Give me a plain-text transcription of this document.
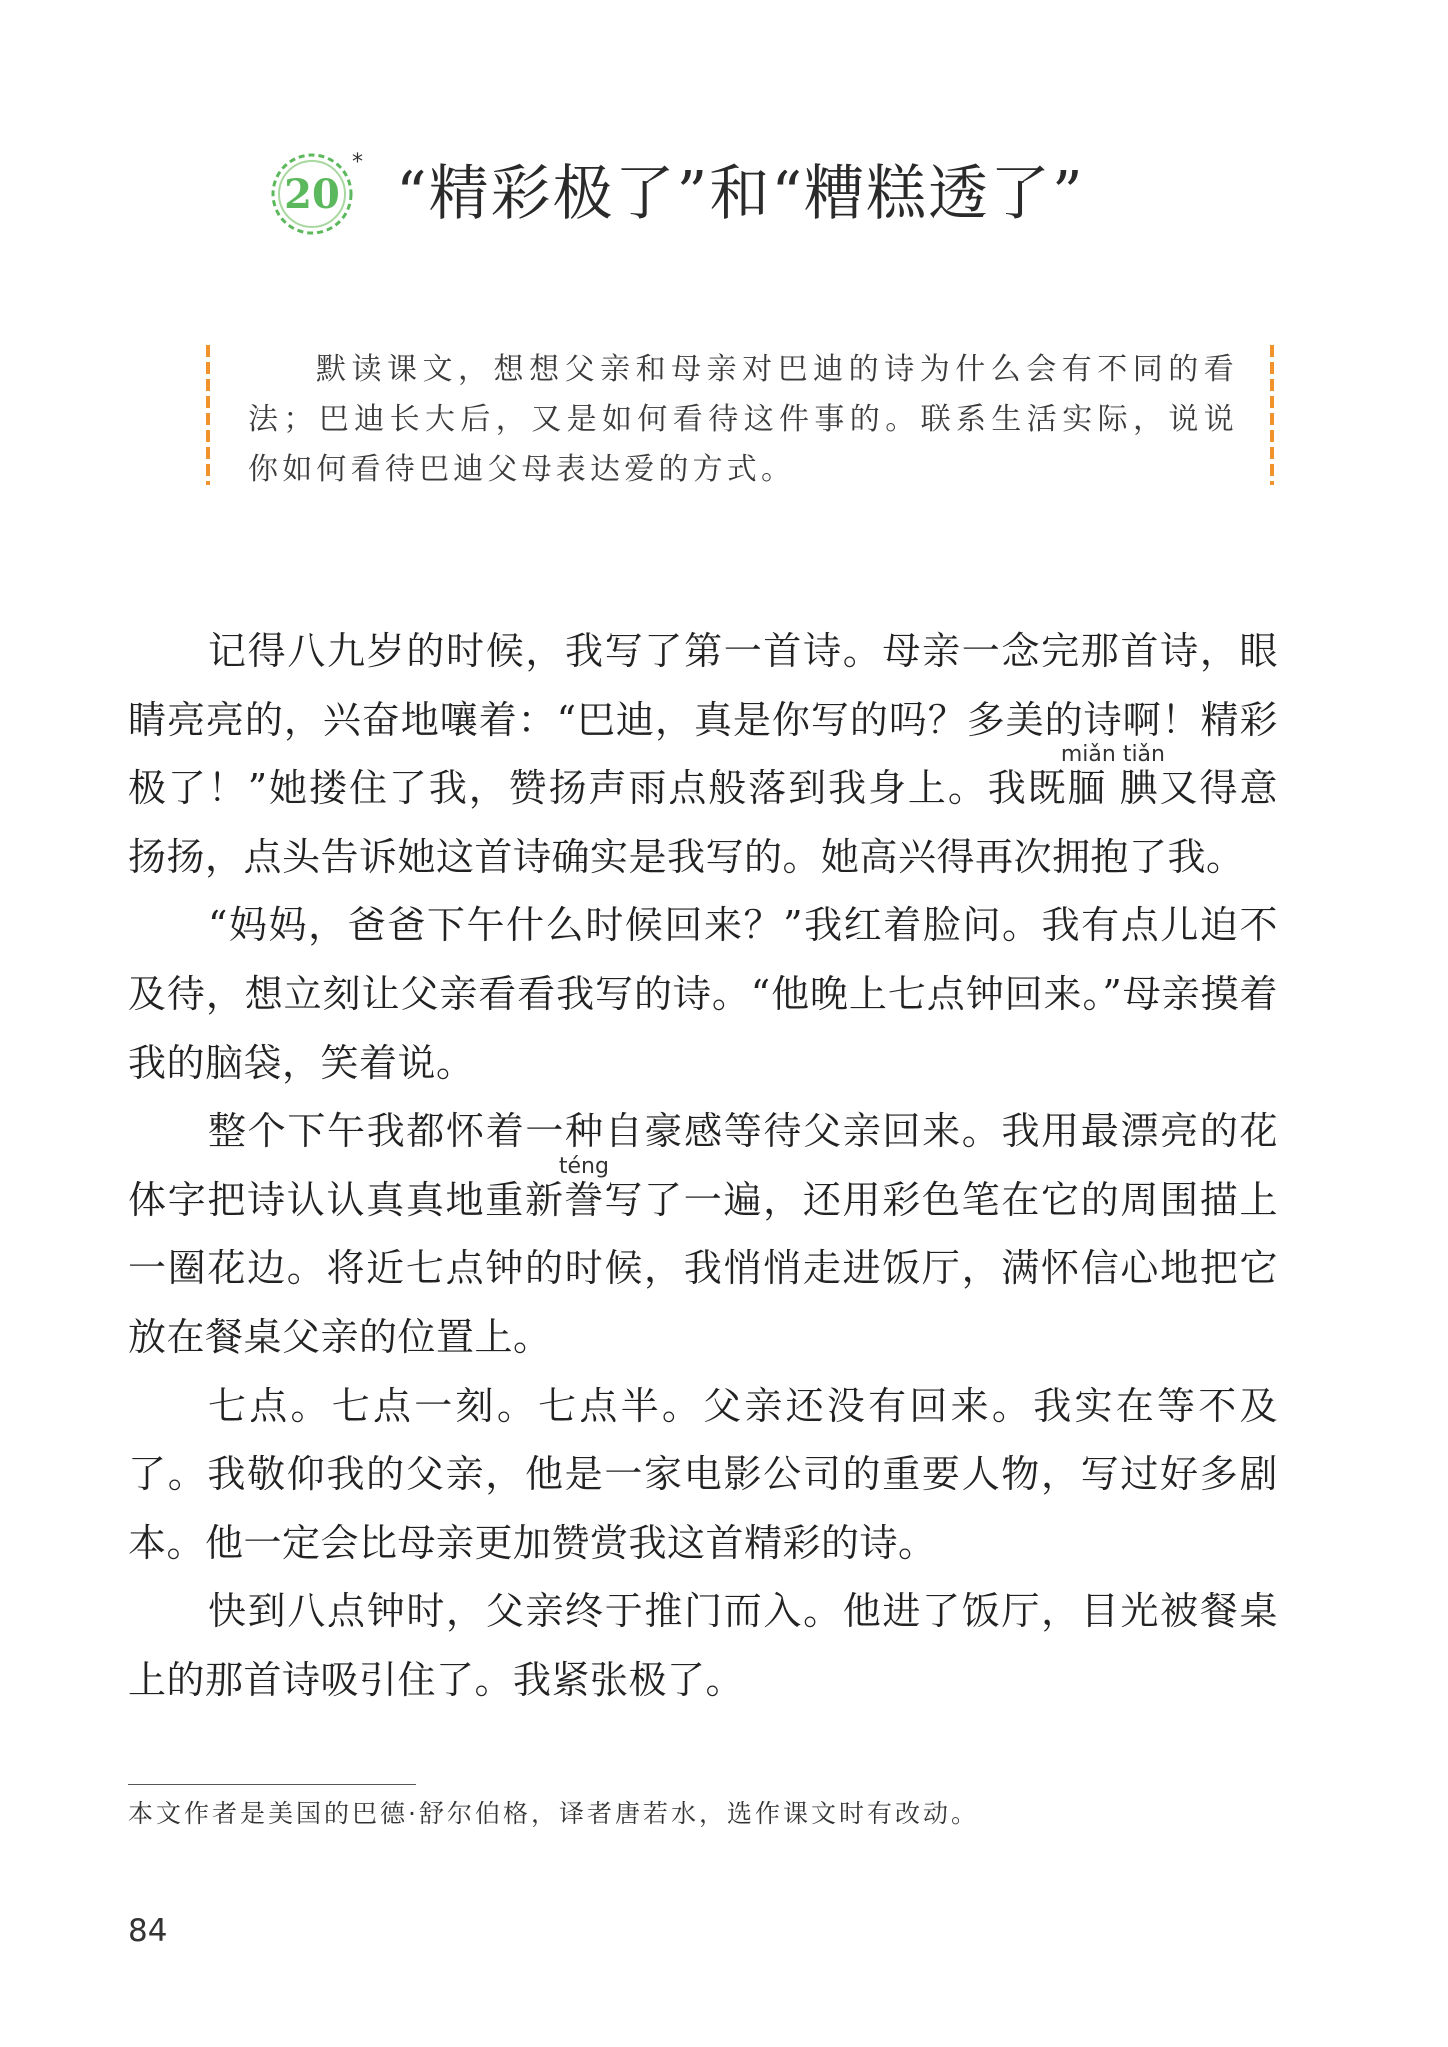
20
* “精彩极了”和“糟糕透了”

默读课文，想想父亲和母亲对巴迪的诗为什么会有不同的看法；巴迪长大后，又是如何看待这件事的。联系生活实际，说说你如何看待巴迪父母表达爱的方式。

记得八九岁的时候，我写了第一首诗。母亲一念完那首诗，眼睛亮亮的，兴奋地嚷着：“巴迪，真是你写的吗？多美的诗啊！精彩极了！”她搂住了我，赞扬声雨点般落到我身上。我既腼腆miǎn tiǎn又得意扬扬，点头告诉她这首诗确实是我写的。她高兴得再次拥抱了我。

“妈妈，爸爸下午什么时候回来？”我红着脸问。我有点儿迫不及待，想立刻让父亲看看我写的诗。“他晚上七点钟回来。”母亲摸着我的脑袋，笑着说。

整个下午我都怀着一种自豪感等待父亲回来。我用最漂亮的花体字把诗认认真真地重新誊téng写了一遍，还用彩色笔在它的周围描上一圈花边。将近七点钟的时候，我悄悄走进饭厅，满怀信心地把它放在餐桌父亲的位置上。

七点。七点一刻。七点半。父亲还没有回来。我实在等不及了。我敬仰我的父亲，他是一家电影公司的重要人物，写过好多剧本。他一定会比母亲更加赞赏我这首精彩的诗。

快到八点钟时，父亲终于推门而入。他进了饭厅，目光被餐桌上的那首诗吸引住了。我紧张极了。

本文作者是美国的巴德·舒尔伯格，译者唐若水，选作课文时有改动。

84
